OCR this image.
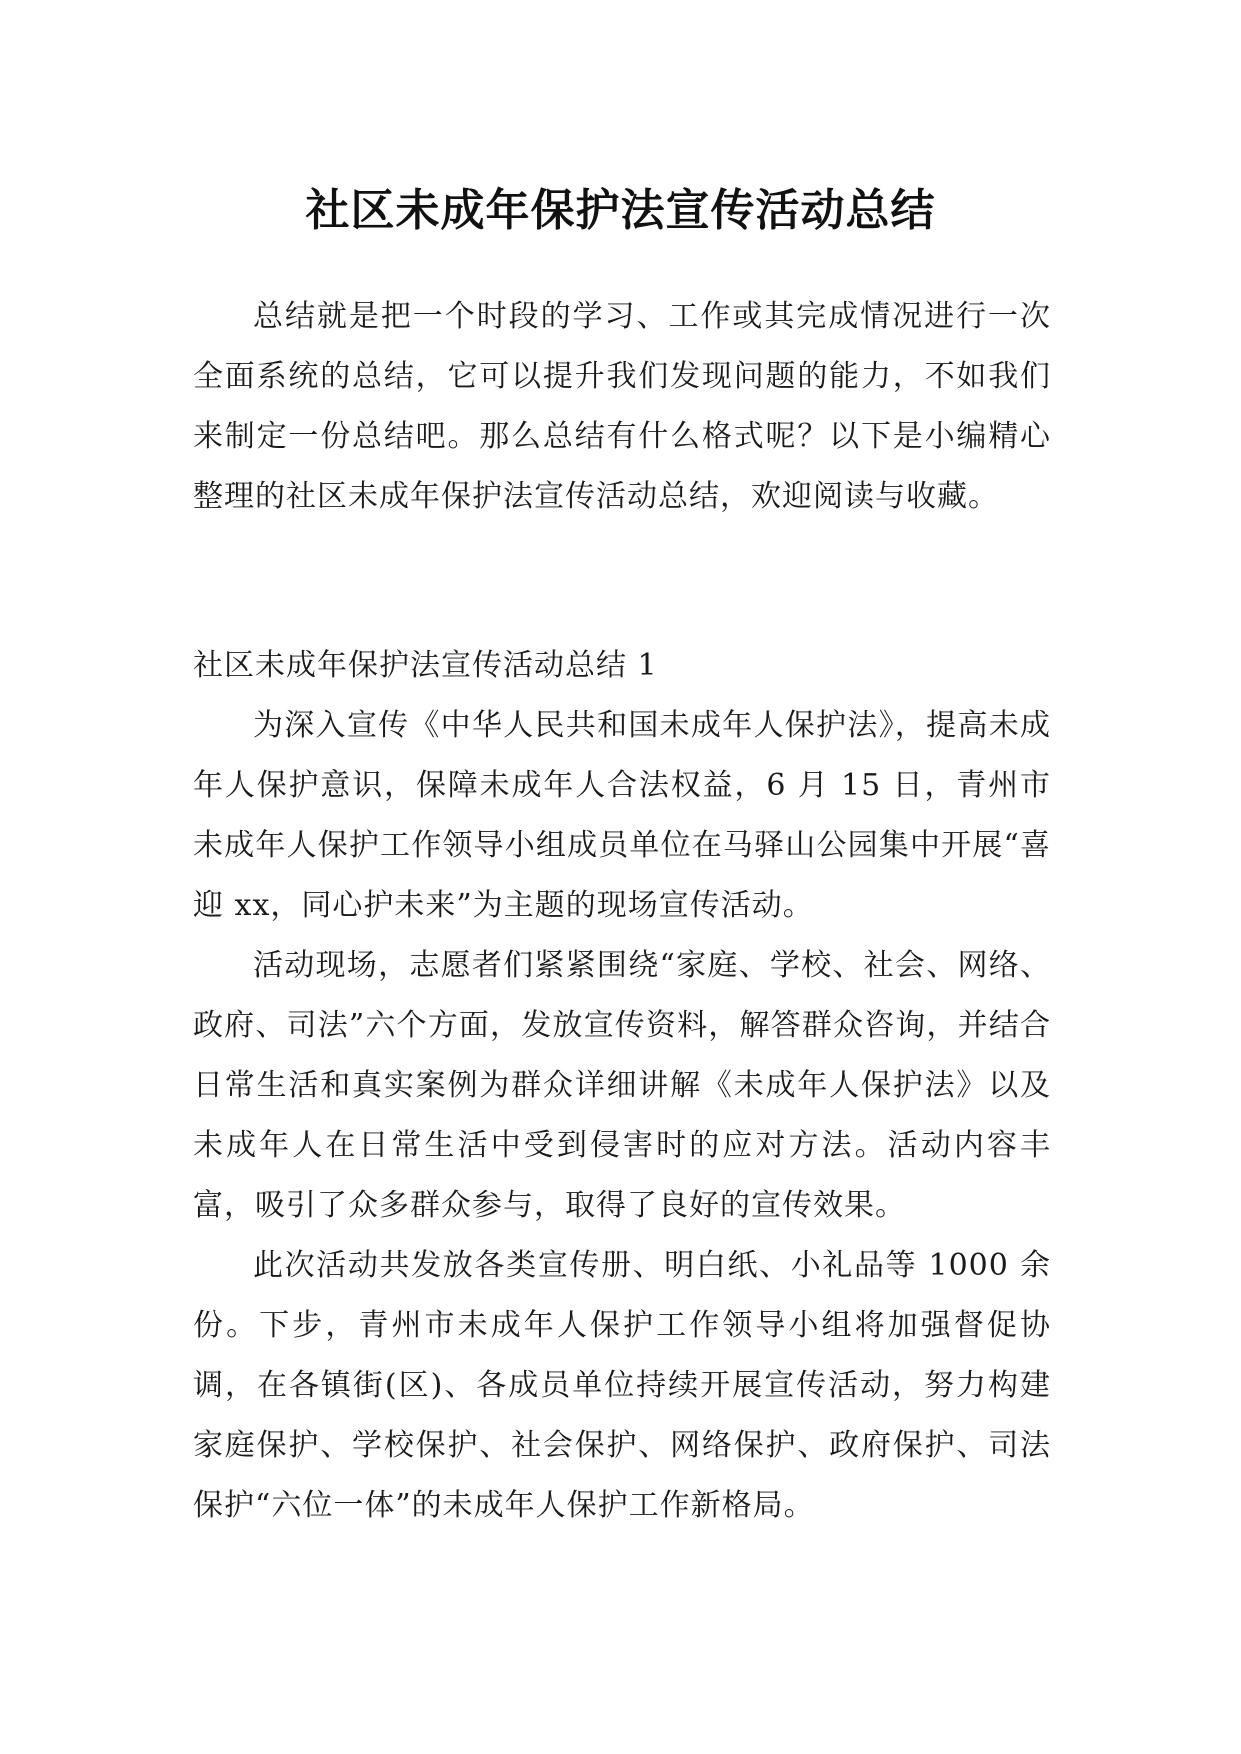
社区未成年保护法宣传活动总结

总结就是把一个时段的学习、工作或其完成情况进行一次全面系统的总结，它可以提升我们发现问题的能力，不如我们来制定一份总结吧。那么总结有什么格式呢？以下是小编精心整理的社区未成年保护法宣传活动总结，欢迎阅读与收藏。

社区未成年保护法宣传活动总结 1

为深入宣传《中华人民共和国未成年人保护法》，提高未成年人保护意识，保障未成年人合法权益，6 月 15 日，青州市未成年人保护工作领导小组成员单位在马驿山公园集中开展“喜迎 xx，同心护未来”为主题的现场宣传活动。

活动现场，志愿者们紧紧围绕“家庭、学校、社会、网络、政府、司法”六个方面，发放宣传资料，解答群众咨询，并结合日常生活和真实案例为群众详细讲解《未成年人保护法》以及未成年人在日常生活中受到侵害时的应对方法。活动内容丰富，吸引了众多群众参与，取得了良好的宣传效果。

此次活动共发放各类宣传册、明白纸、小礼品等 1000 余份。下步，青州市未成年人保护工作领导小组将加强督促协调，在各镇街(区)、各成员单位持续开展宣传活动，努力构建家庭保护、学校保护、社会保护、网络保护、政府保护、司法保护“六位一体”的未成年人保护工作新格局。
